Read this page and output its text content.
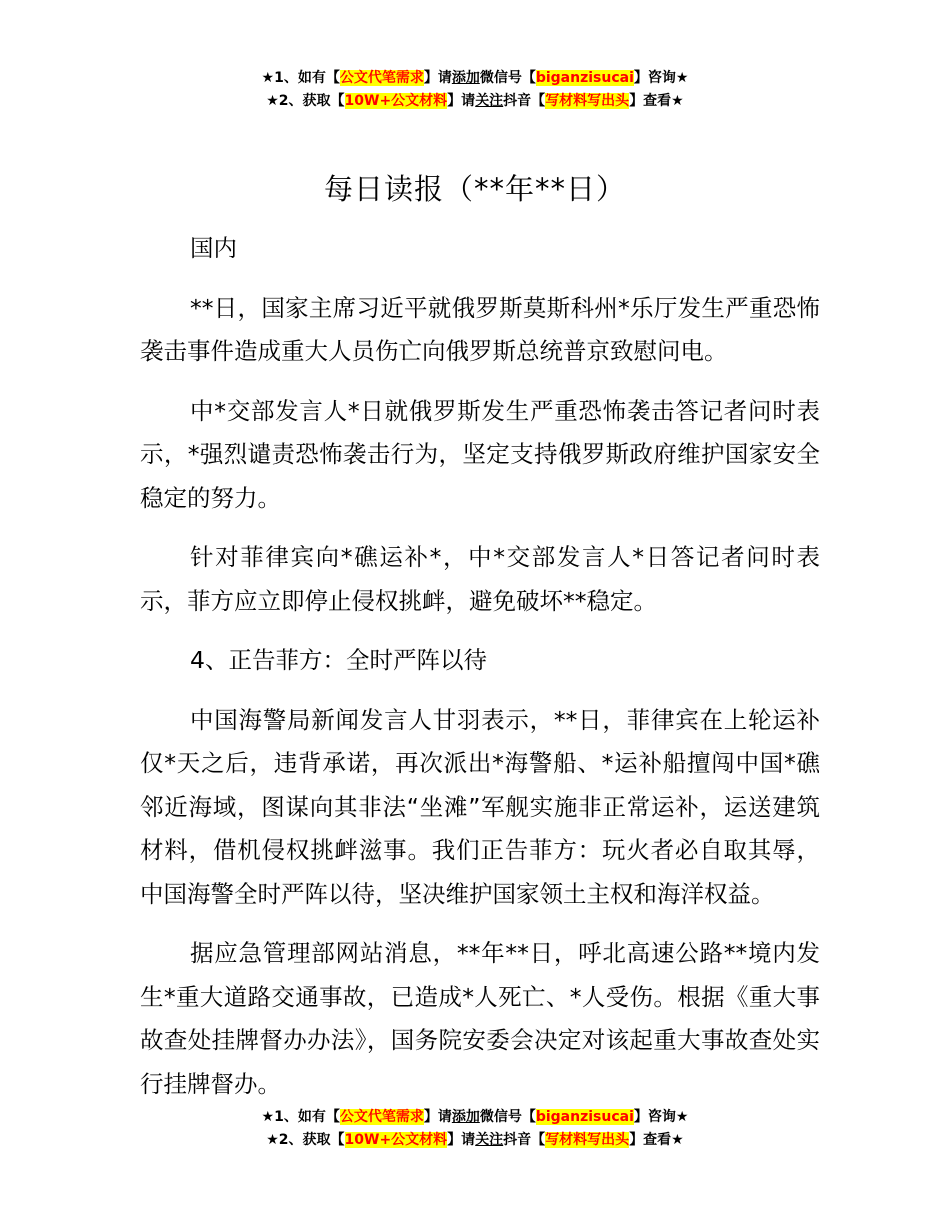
★1、如有【公文代笔需求】请添加微信号【biganzisucai】咨询★
★2、获取【10W+公文材料】请关注抖音【写材料写出头】查看★
每日读报（**年**日）

国内

**日，国家主席习近平就俄罗斯莫斯科州*乐厅发生严重恐怖袭击事件造成重大人员伤亡向俄罗斯总统普京致慰问电。

中*交部发言人*日就俄罗斯发生严重恐怖袭击答记者问时表示，*强烈谴责恐怖袭击行为，坚定支持俄罗斯政府维护国家安全稳定的努力。

针对菲律宾向*礁运补*，中*交部发言人*日答记者问时表示，菲方应立即停止侵权挑衅，避免破坏**稳定。

4、正告菲方：全时严阵以待

中国海警局新闻发言人甘羽表示，**日，菲律宾在上轮运补仅*天之后，违背承诺，再次派出*海警船、*运补船擅闯中国*礁邻近海域，图谋向其非法“坐滩”军舰实施非正常运补，运送建筑材料，借机侵权挑衅滋事。我们正告菲方：玩火者必自取其辱，中国海警全时严阵以待，坚决维护国家领土主权和海洋权益。

据应急管理部网站消息，**年**日，呼北高速公路**境内发生*重大道路交通事故，已造成*人死亡、*人受伤。根据《重大事故查处挂牌督办办法》，国务院安委会决定对该起重大事故查处实行挂牌督办。

★1、如有【公文代笔需求】请添加微信号【biganzisucai】咨询★
★2、获取【10W+公文材料】请关注抖音【写材料写出头】查看★
